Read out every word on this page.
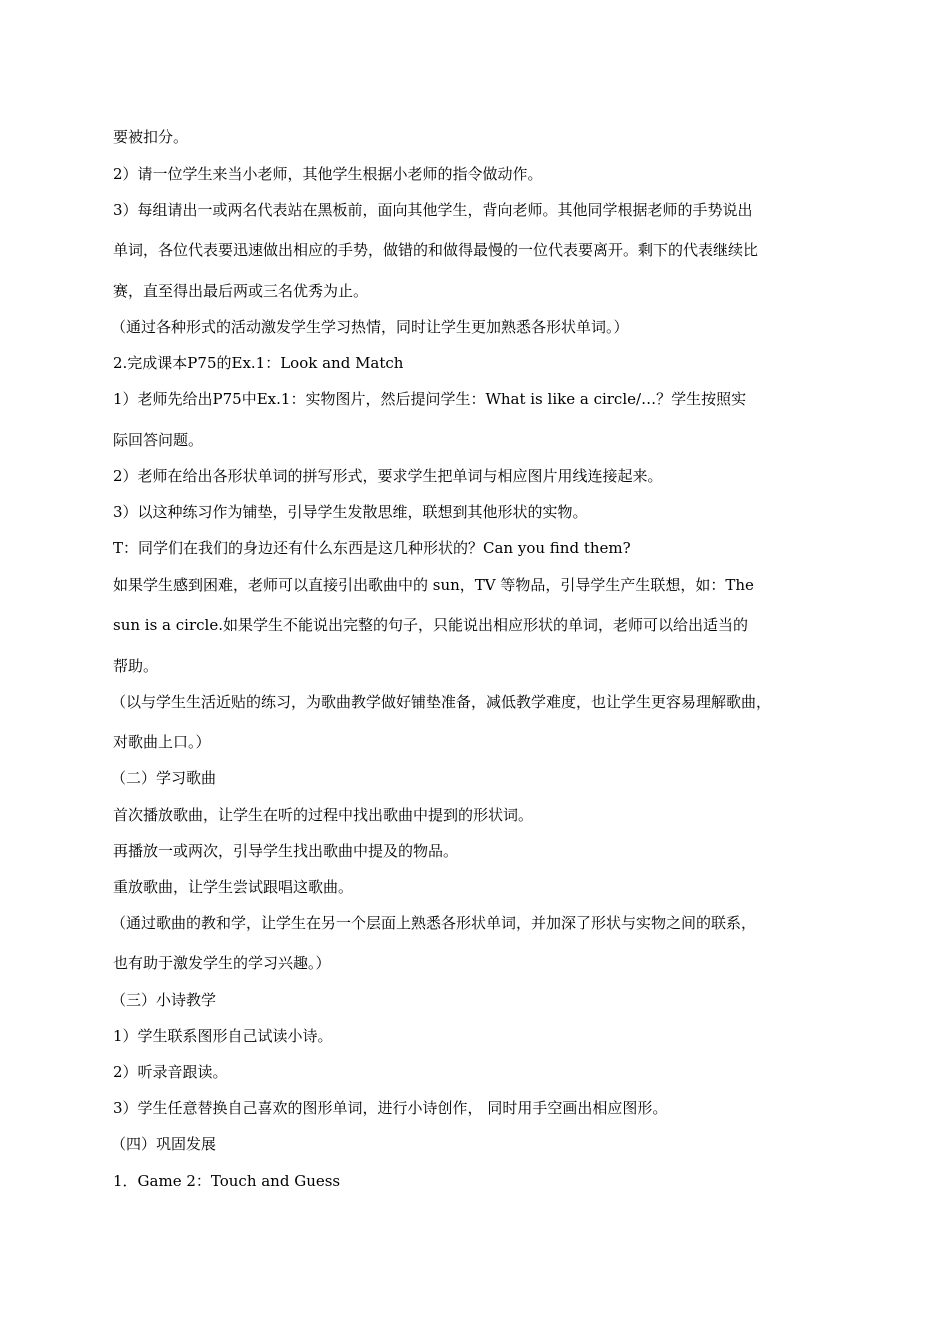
要被扣分。
2）请一位学生来当小老师，其他学生根据小老师的指令做动作。
3）每组请出一或两名代表站在黑板前，面向其他学生，背向老师。其他同学根据老师的手势说出
单词，各位代表要迅速做出相应的手势，做错的和做得最慢的一位代表要离开。剩下的代表继续比
赛，直至得出最后两或三名优秀为止。
（通过各种形式的活动激发学生学习热情，同时让学生更加熟悉各形状单词。）
2.完成课本P75的Ex.1：Look and Match
1）老师先给出P75中Ex.1：实物图片，然后提问学生：What is like a circle/…？学生按照实
际回答问题。
2）老师在给出各形状单词的拼写形式，要求学生把单词与相应图片用线连接起来。
3）以这种练习作为铺垫，引导学生发散思维，联想到其他形状的实物。
T：同学们在我们的身边还有什么东西是这几种形状的？Can you find them?
如果学生感到困难，老师可以直接引出歌曲中的 sun，TV 等物品，引导学生产生联想，如：The
sun is a circle.如果学生不能说出完整的句子，只能说出相应形状的单词，老师可以给出适当的
帮助。
（以与学生生活近贴的练习，为歌曲教学做好铺垫准备，减低教学难度，也让学生更容易理解歌曲，
对歌曲上口。）
（二）学习歌曲
首次播放歌曲，让学生在听的过程中找出歌曲中提到的形状词。
再播放一或两次，引导学生找出歌曲中提及的物品。
重放歌曲，让学生尝试跟唱这歌曲。
（通过歌曲的教和学，让学生在另一个层面上熟悉各形状单词，并加深了形状与实物之间的联系，
也有助于激发学生的学习兴趣。）
（三）小诗教学
1）学生联系图形自己试读小诗。
2）听录音跟读。
3）学生任意替换自己喜欢的图形单词，进行小诗创作， 同时用手空画出相应图形。
（四）巩固发展
1．Game 2：Touch and Guess
